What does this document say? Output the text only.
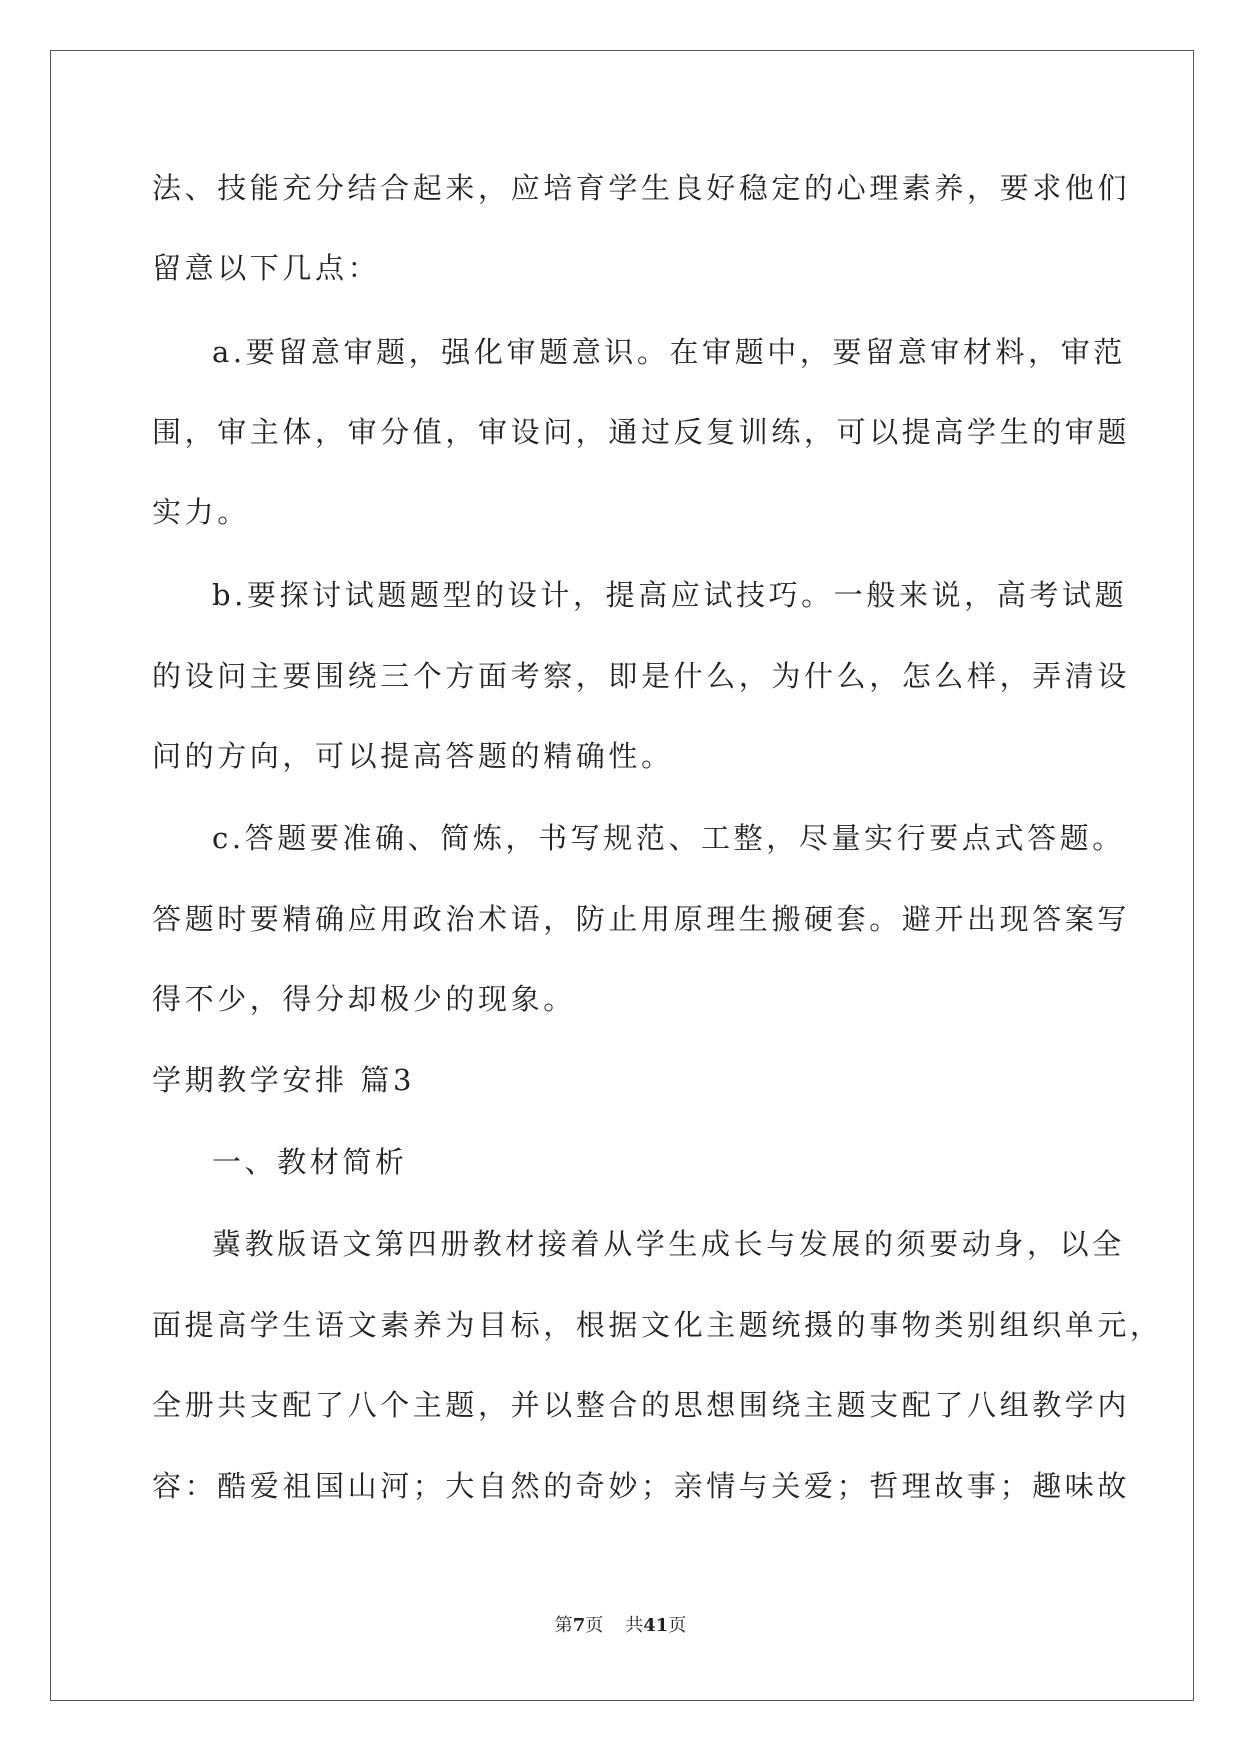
法、技能充分结合起来，应培育学生良好稳定的心理素养，要求他们
留意以下几点：
a.要留意审题，强化审题意识。在审题中，要留意审材料，审范
围，审主体，审分值，审设问，通过反复训练，可以提高学生的审题
实力。
b.要探讨试题题型的设计，提高应试技巧。一般来说，高考试题
的设问主要围绕三个方面考察，即是什么，为什么，怎么样，弄清设
问的方向，可以提高答题的精确性。
c.答题要准确、简炼，书写规范、工整，尽量实行要点式答题。
答题时要精确应用政治术语，防止用原理生搬硬套。避开出现答案写
得不少，得分却极少的现象。
学期教学安排 篇3
一、教材简析
冀教版语文第四册教材接着从学生成长与发展的须要动身，以全
面提高学生语文素养为目标，根据文化主题统摄的事物类别组织单元，
全册共支配了八个主题，并以整合的思想围绕主题支配了八组教学内
容：酷爱祖国山河；大自然的奇妙；亲情与关爱；哲理故事；趣味故
第7页 共41页
